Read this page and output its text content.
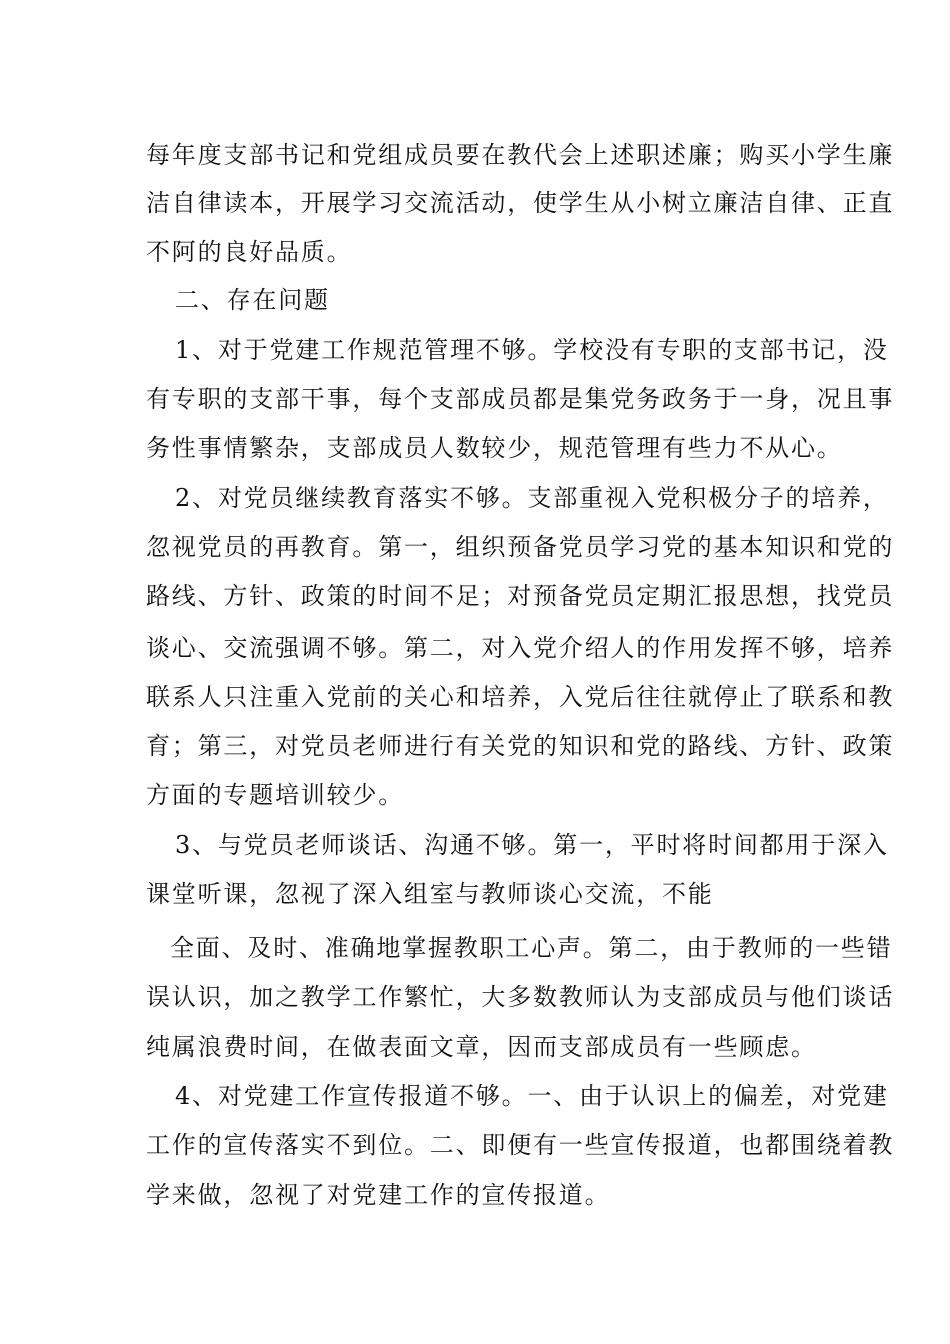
每年度支部书记和党组成员要在教代会上述职述廉；购买小学生廉
洁自律读本，开展学习交流活动，使学生从小树立廉洁自律、正直
不阿的良好品质。
二、存在问题
1、对于党建工作规范管理不够。学校没有专职的支部书记，没
有专职的支部干事，每个支部成员都是集党务政务于一身，况且事
务性事情繁杂，支部成员人数较少，规范管理有些力不从心。
2、对党员继续教育落实不够。支部重视入党积极分子的培养，
忽视党员的再教育。第一，组织预备党员学习党的基本知识和党的
路线、方针、政策的时间不足；对预备党员定期汇报思想，找党员
谈心、交流强调不够。第二，对入党介绍人的作用发挥不够，培养
联系人只注重入党前的关心和培养，入党后往往就停止了联系和教
育；第三，对党员老师进行有关党的知识和党的路线、方针、政策
方面的专题培训较少。
3、与党员老师谈话、沟通不够。第一，平时将时间都用于深入
课堂听课，忽视了深入组室与教师谈心交流，不能
全面、及时、准确地掌握教职工心声。第二，由于教师的一些错
误认识，加之教学工作繁忙，大多数教师认为支部成员与他们谈话
纯属浪费时间，在做表面文章，因而支部成员有一些顾虑。
4、对党建工作宣传报道不够。一、由于认识上的偏差，对党建
工作的宣传落实不到位。二、即便有一些宣传报道，也都围绕着教
学来做，忽视了对党建工作的宣传报道。
